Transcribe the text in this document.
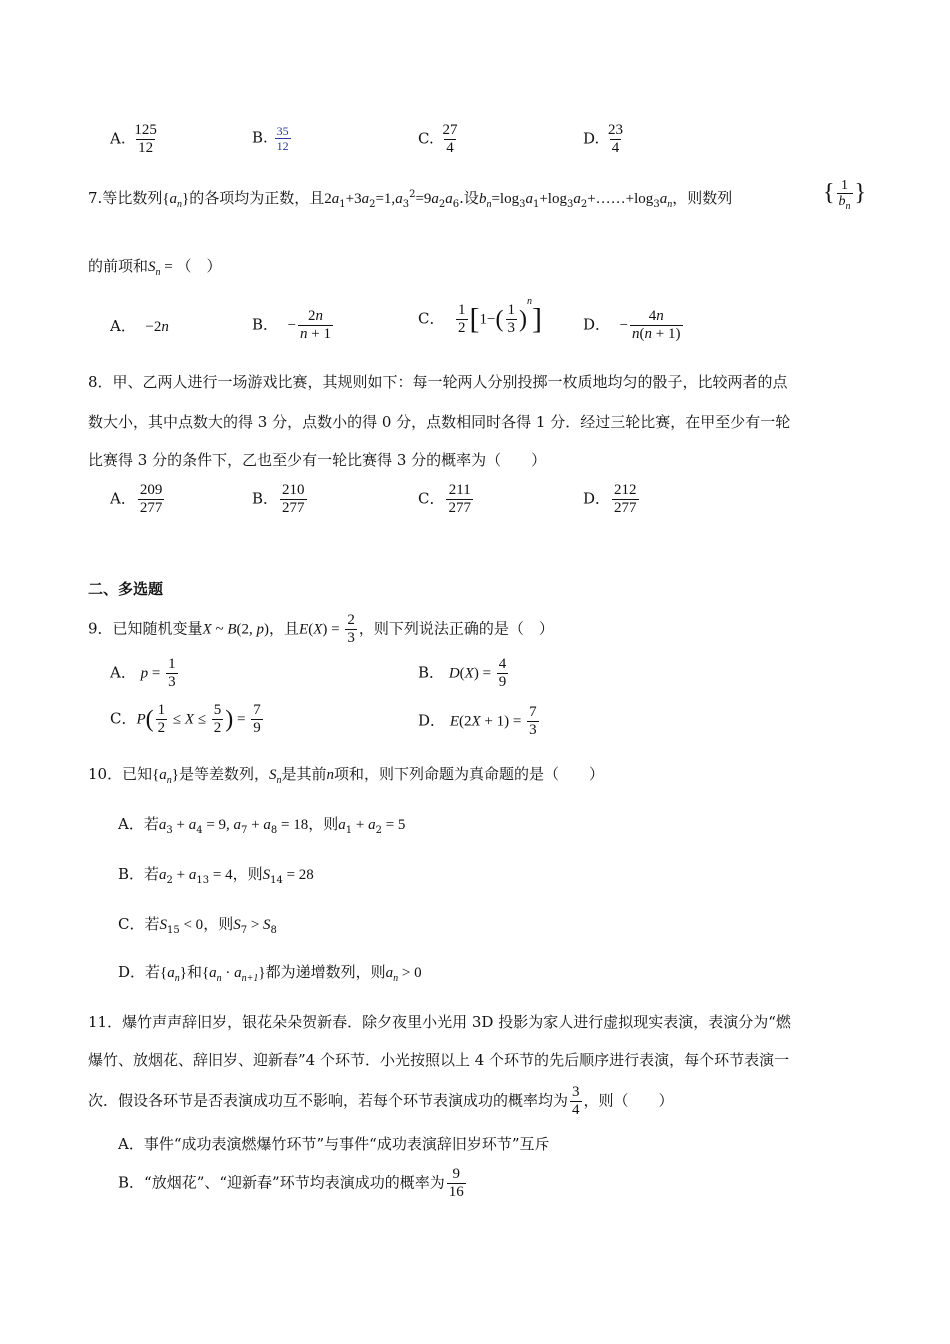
A. $\frac{125}{12}$	B. $\frac{35}{12}$	C. $\frac{27}{4}$	D. $\frac{23}{4}$
7.等比数列$\{a_n\}$的各项均为正数，且$2a_1+3a_2=1,a_3^2=9a_2a_6$.设$b_n=\log_3a_1+\log_3a_2+\dots\dots+\log_3a_n$，则数列	{ $\frac{1}{b_n}$ }
的前项和$S_n$ = （　）
A． −2n	B． − $\frac{2n}{n + 1}$	C． $\frac{1}{2} [1-( \frac{1}{3} )^n]$	D． − $\frac{4n}{n(n + 1)}$
8．甲、乙两人进行一场游戏比赛，其规则如下：每一轮两人分别投掷一枚质地均匀的骰子，比较两者的点
数大小，其中点数大的得 3 分，点数小的得 0 分，点数相同时各得 1 分．经过三轮比赛，在甲至少有一轮
比赛得 3 分的条件下，乙也至少有一轮比赛得 3 分的概率为（　　）
A． $\frac{209}{277}$	B． $\frac{210}{277}$	C． $\frac{211}{277}$	D． $\frac{212}{277}$
二、多选题
9．已知随机变量X ~ B(2, p)，且$E(X) = \frac{2}{3}$ ，则下列说法正确的是（　）
A． $p = \frac{1}{3}$	B． $D(X) = \frac{4}{9}$
C．$P( \frac{1}{2} \le X \le \frac{5}{2}$ ) = $\frac{7}{9}$	D． $E(2X + 1) = \frac{7}{3}$
10．已知$\{a_n\}$是等差数列，$S_n$是其前n项和，则下列命题为真命题的是（　　）
A．若$a_3 + a_4 = 9$, $a_7 + a_8 = 18$，则$a_1 + a_2 = 5$
B．若$a_2 + a_{13} = 4$，则$S_{14} = 28$
C．若$S_{15} < 0$，则$S_7 > S_8$
D．若$\{a_n\}$和$\{a_n \cdot a_{n+1}\}$都为递增数列，则$a_n > 0$
11．爆竹声声辞旧岁，银花朵朵贺新春．除夕夜里小光用 3D 投影为家人进行虚拟现实表演，表演分为“燃
爆竹、放烟花、辞旧岁、迎新春”4 个环节．小光按照以上 4 个环节的先后顺序进行表演，每个环节表演一
次．假设各环节是否表演成功互不影响，若每个环节表演成功的概率均为 $\frac{3}{4}$ ，则（　　）
A．事件“成功表演燃爆竹环节”与事件“成功表演辞旧岁环节”互斥
B．“放烟花”、“迎新春”环节均表演成功的概率为 $\frac{9}{16}$
